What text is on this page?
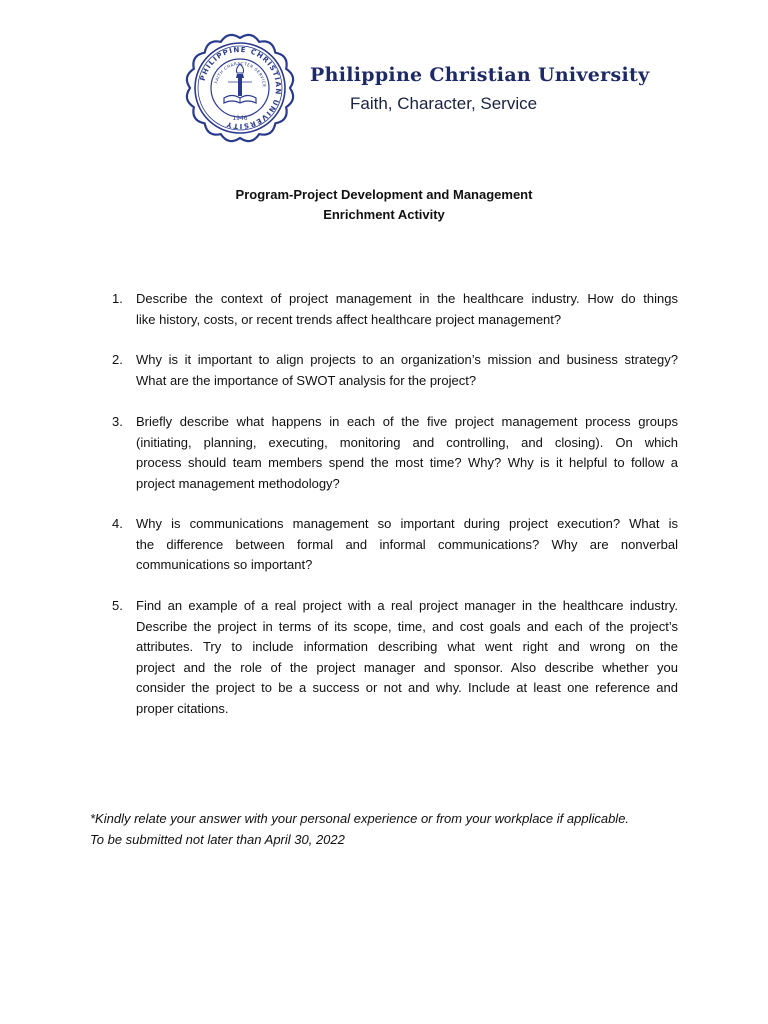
PHILIPPINE CHRISTIAN UNIVERSITY
FAITH CHARACTER SERVICE
1946
Philippine Christian University
Faith, Character, Service
Program-Project Development and Management
Enrichment Activity
1.	Describe the context of project management in the healthcare industry. How do things
like history, costs, or recent trends affect healthcare project management?
2.	Why is it important to align projects to an organization’s mission and business strategy?
What are the importance of SWOT analysis for the project?
3.	Briefly describe what happens in each of the five project management process groups
(initiating, planning, executing, monitoring and controlling, and closing). On which
process should team members spend the most time? Why? Why is it helpful to follow a
project management methodology?
4.	Why is communications management so important during project execution? What is
the difference between formal and informal communications? Why are nonverbal
communications so important?
5.	Find an example of a real project with a real project manager in the healthcare industry.
Describe the project in terms of its scope, time, and cost goals and each of the project’s
attributes. Try to include information describing what went right and wrong on the
project and the role of the project manager and sponsor. Also describe whether you
consider the project to be a success or not and why. Include at least one reference and
proper citations.
*Kindly relate your answer with your personal experience or from your workplace if applicable.
To be submitted not later than April 30, 2022
